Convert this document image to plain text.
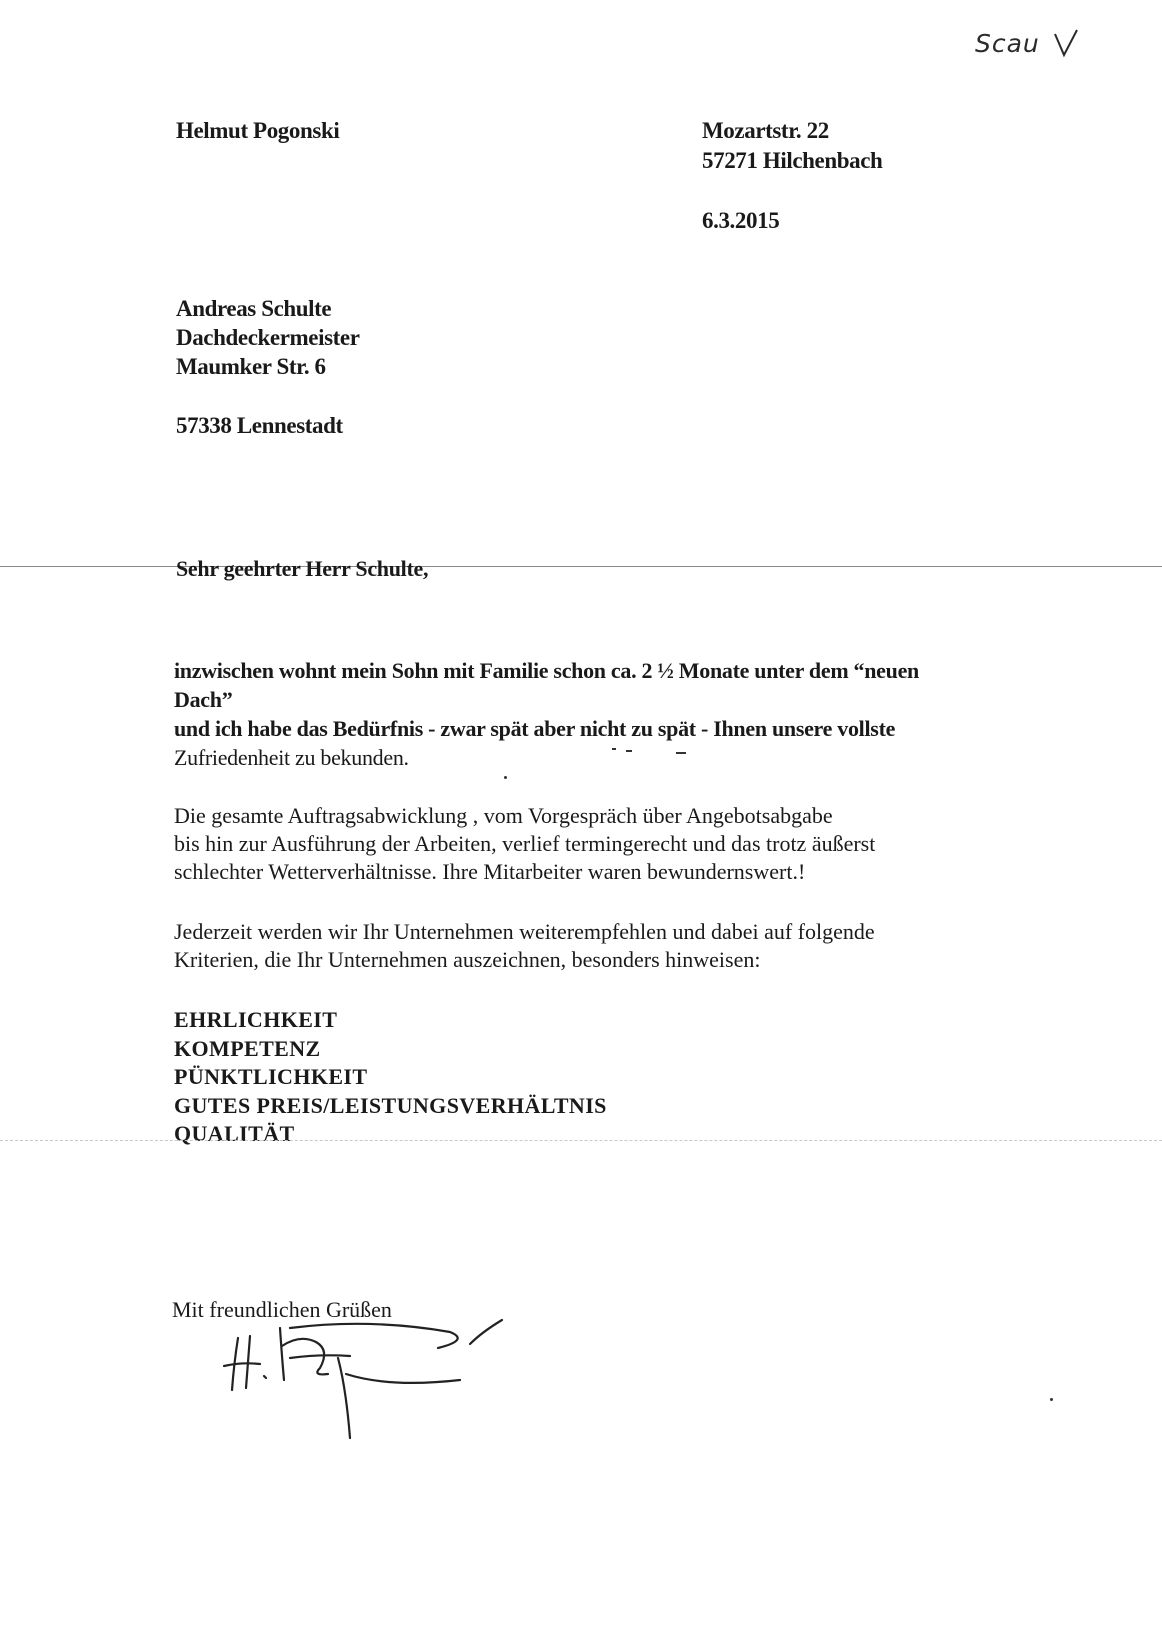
Scau
Helmut Pogonski	Mozartstr. 22
57271 Hilchenbach
6.3.2015
Andreas Schulte
Dachdeckermeister
Maumker Str. 6
57338 Lennestadt
Sehr geehrter Herr Schulte,
inzwischen wohnt mein Sohn mit Familie schon ca. 2 ½ Monate unter dem “neuen
Dach”
und ich habe das Bedürfnis - zwar spät aber nicht zu spät - Ihnen unsere vollste
Zufriedenheit zu bekunden.
Die gesamte Auftragsabwicklung , vom Vorgespräch über Angebotsabgabe
bis hin zur Ausführung der Arbeiten, verlief termingerecht und das trotz äußerst
schlechter Wetterverhältnisse. Ihre Mitarbeiter waren bewundernswert.!
Jederzeit werden wir Ihr Unternehmen weiterempfehlen und dabei auf folgende
Kriterien, die Ihr Unternehmen auszeichnen, besonders hinweisen:
EHRLICHKEIT
KOMPETENZ
PÜNKTLICHKEIT
GUTES PREIS/LEISTUNGSVERHÄLTNIS
QUALITÄT
Mit freundlichen Grüßen
